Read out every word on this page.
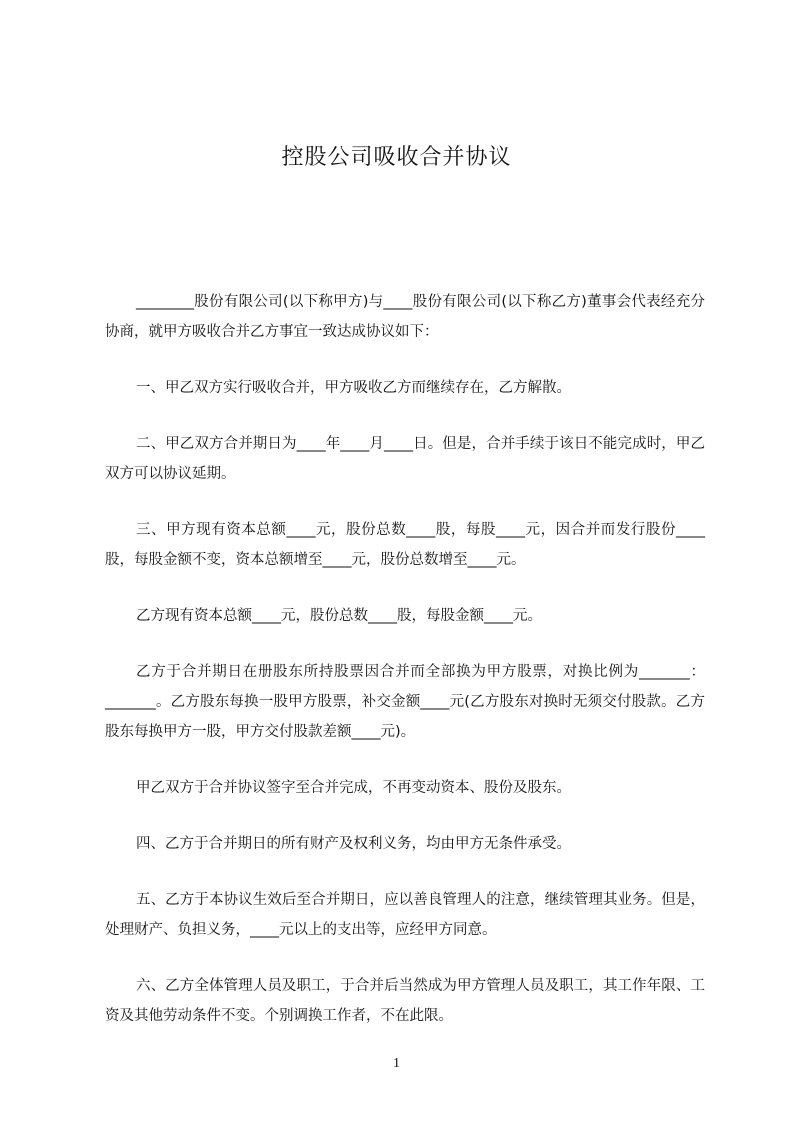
控股公司吸收合并协议

________股份有限公司(以下称甲方)与____股份有限公司(以下称乙方)董事会代表经充分协商，就甲方吸收合并乙方事宜一致达成协议如下：

一、甲乙双方实行吸收合并，甲方吸收乙方而继续存在，乙方解散。

二、甲乙双方合并期日为____年____月____日。但是，合并手续于该日不能完成时，甲乙双方可以协议延期。

三、甲方现有资本总额____元，股份总数____股，每股____元，因合并而发行股份____股，每股金额不变，资本总额增至____元，股份总数增至____元。

乙方现有资本总额____元，股份总数____股，每股金额____元。

乙方于合并期日在册股东所持股票因合并而全部换为甲方股票，对换比例为_______：_______。乙方股东每换一股甲方股票，补交金额____元(乙方股东对换时无须交付股款。乙方股东每换甲方一股，甲方交付股款差额____元)。

甲乙双方于合并协议签字至合并完成，不再变动资本、股份及股东。

四、乙方于合并期日的所有财产及权利义务，均由甲方无条件承受。

五、乙方于本协议生效后至合并期日，应以善良管理人的注意，继续管理其业务。但是，处理财产、负担义务，____元以上的支出等，应经甲方同意。

六、乙方全体管理人员及职工，于合并后当然成为甲方管理人员及职工，其工作年限、工资及其他劳动条件不变。个别调换工作者，不在此限。

1
